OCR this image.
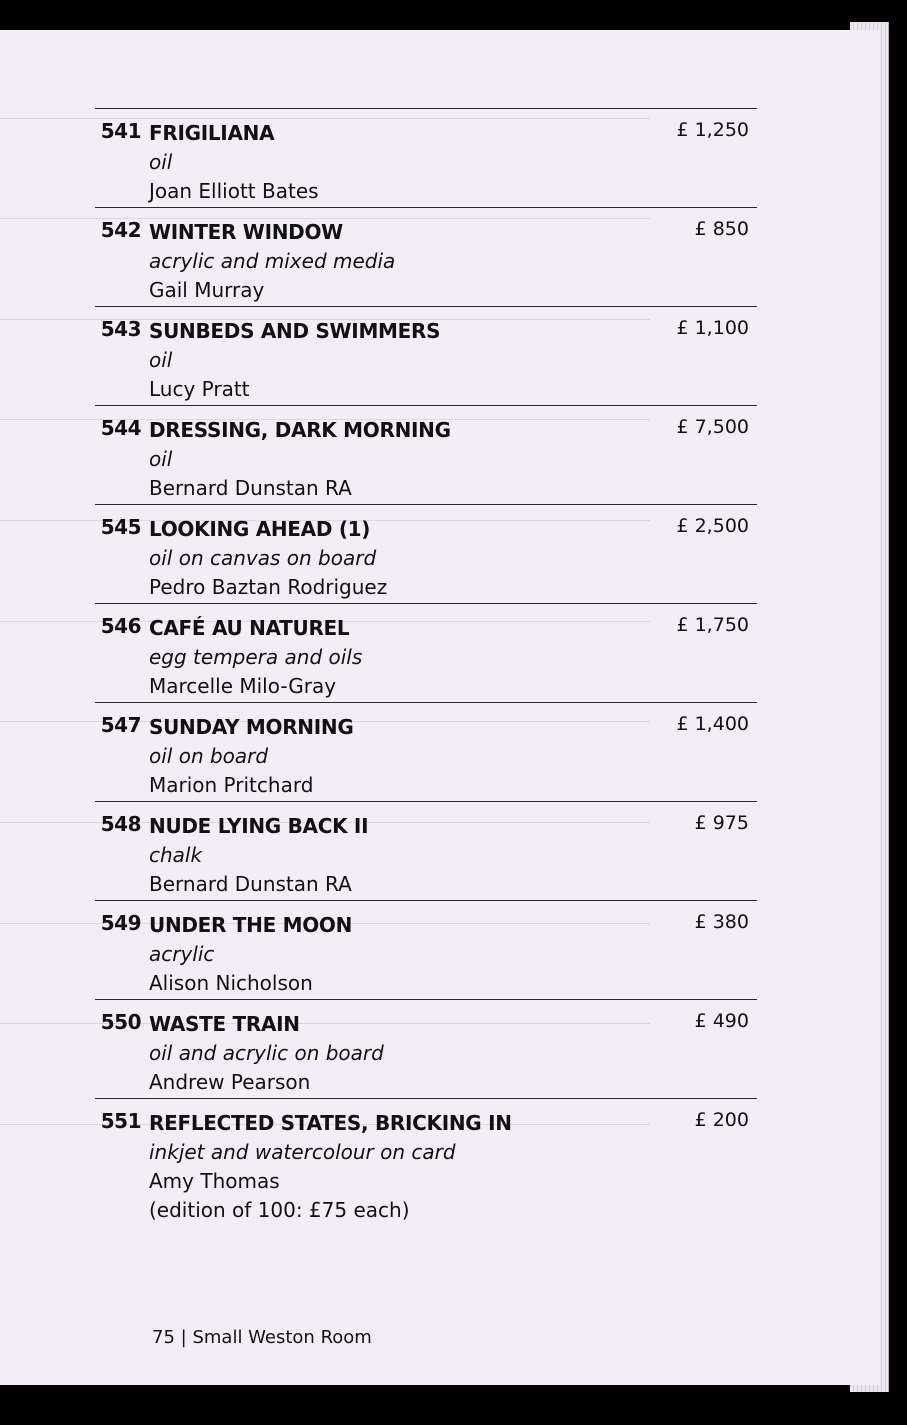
541 FRIGILIANA
oil
Joan Elliott Bates
£ 1,250
542 WINTER WINDOW
acrylic and mixed media
Gail Murray
£ 850
543 SUNBEDS AND SWIMMERS
oil
Lucy Pratt
£ 1,100
544 DRESSING, DARK MORNING
oil
Bernard Dunstan RA
£ 7,500
545 LOOKING AHEAD (1)
oil on canvas on board
Pedro Baztan Rodriguez
£ 2,500
546 CAFÉ AU NATUREL
egg tempera and oils
Marcelle Milo-Gray
£ 1,750
547 SUNDAY MORNING
oil on board
Marion Pritchard
£ 1,400
548 NUDE LYING BACK II
chalk
Bernard Dunstan RA
£ 975
549 UNDER THE MOON
acrylic
Alison Nicholson
£ 380
550 WASTE TRAIN
oil and acrylic on board
Andrew Pearson
£ 490
551 REFLECTED STATES, BRICKING IN
inkjet and watercolour on card
Amy Thomas
(edition of 100: £75 each)
£ 200
75 | Small Weston Room
